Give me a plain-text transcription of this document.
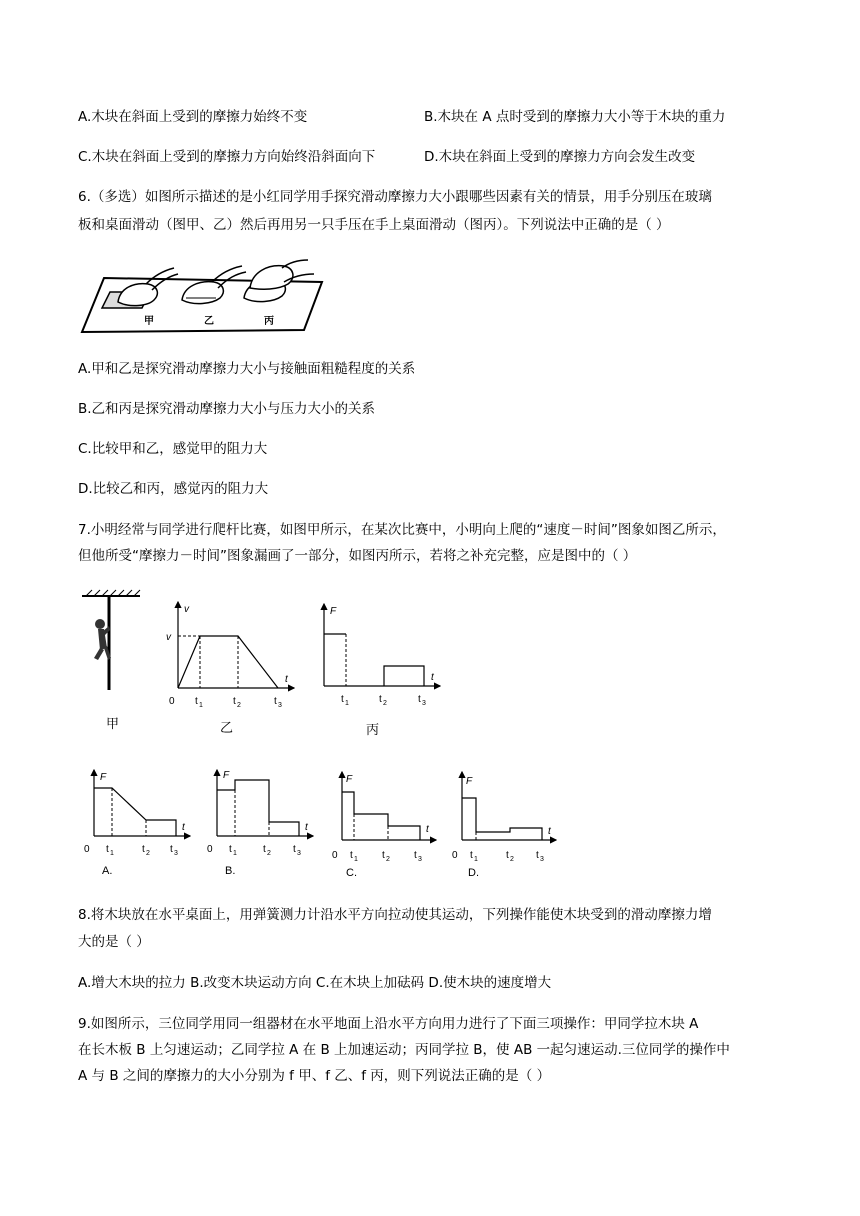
A.木块在斜面上受到的摩擦力始终不变	B.木块在 A 点时受到的摩擦力大小等于木块的重力
C.木块在斜面上受到的摩擦力方向始终沿斜面向下	D.木块在斜面上受到的摩擦力方向会发生改变
6.（多选）如图所示描述的是小红同学用手探究滑动摩擦力大小跟哪些因素有关的情景，用手分别压在玻璃
板和桌面滑动（图甲、乙）然后再用另一只手压在手上桌面滑动（图丙）。下列说法中正确的是（ ）
甲	乙	丙
A.甲和乙是探究滑动摩擦力大小与接触面粗糙程度的关系
B.乙和丙是探究滑动摩擦力大小与压力大小的关系
C.比较甲和乙，感觉甲的阻力大
D.比较乙和丙，感觉丙的阻力大
7.小明经常与同学进行爬杆比赛，如图甲所示，在某次比赛中，小明向上爬的“速度－时间”图象如图乙所示，
但他所受“摩擦力－时间”图象漏画了一部分，如图丙所示，若将之补充完整，应是图中的（ ）
甲
v
v
t
0 t 1	t 2	t 3
乙
F
t
t 1	t 2	t 3
丙
F
t
0 t 1	t 2 t 3
A.
F
t
0 t 1	t 2 t 3
B.
F
t
0 t 1 t 2 t 3
C.
F
t
0 t 1	t 2 t 3
D.
8.将木块放在水平桌面上，用弹簧测力计沿水平方向拉动使其运动，下列操作能使木块受到的滑动摩擦力增
大的是（ ）
A.增大木块的拉力 B.改变木块运动方向 C.在木块上加砝码 D.使木块的速度增大
9.如图所示，三位同学用同一组器材在水平地面上沿水平方向用力进行了下面三项操作：甲同学拉木块 A
在长木板 B 上匀速运动；乙同学拉 A 在 B 上加速运动；丙同学拉 B，使 AB 一起匀速运动.三位同学的操作中
A 与 B 之间的摩擦力的大小分别为 f 甲、f 乙、f 丙，则下列说法正确的是（ ）
